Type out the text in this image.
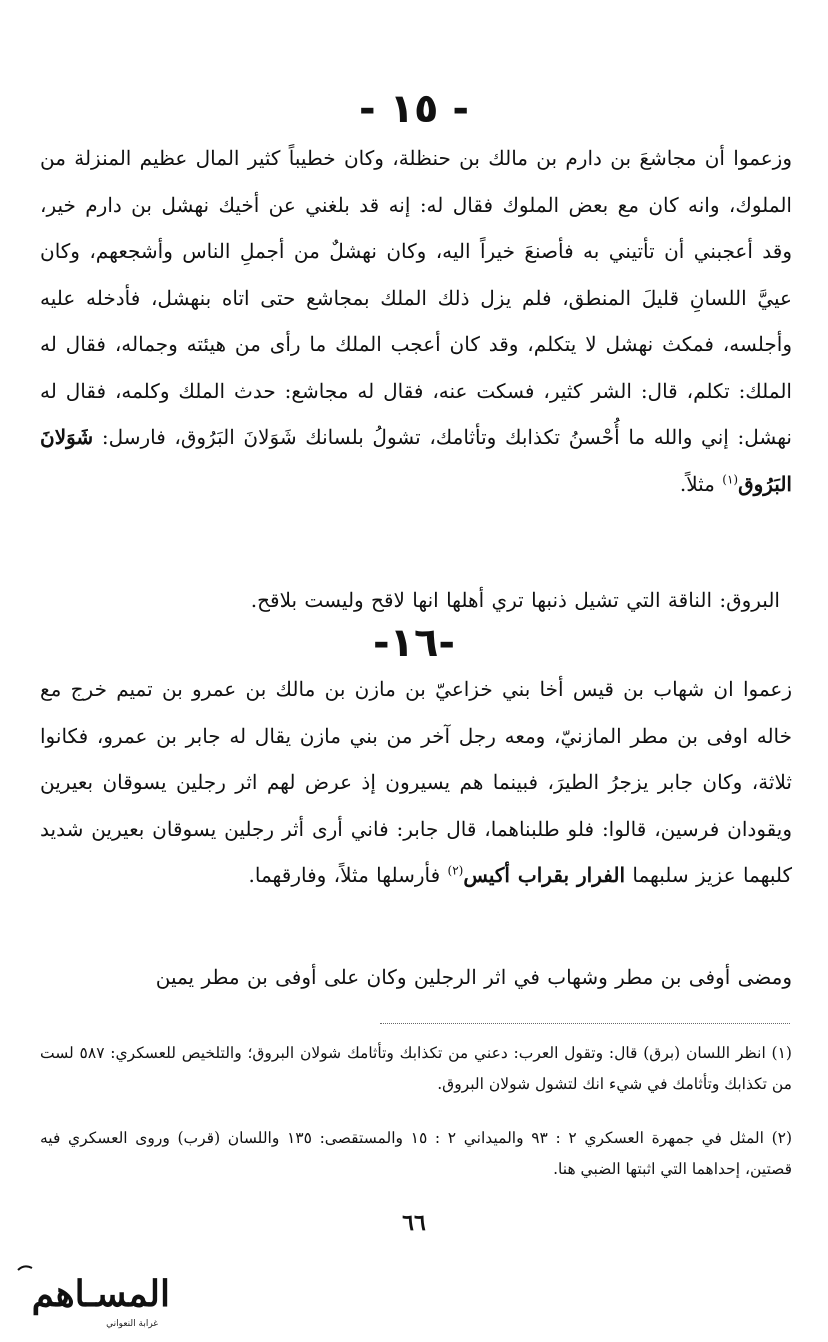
- ١٥ -

وزعموا أن مجاشعَ بن دارم بن مالك بن حنظلة، وكان خطيباً كثير المال عظيم المنزلة من الملوك، وانه كان مع بعض الملوك فقال له: إنه قد بلغني عن أخيك نهشل بن دارم خير، وقد أعجبني أن تأتيني به فأصنعَ خيراً اليه، وكان نهشلٌ من أجملِ الناس وأشجعهم، وكان عييَّ اللسانِ قليلَ المنطق، فلم يزل ذلك الملك بمجاشع حتى اتاه بنهشل، فأدخله عليه وأجلسه، فمكث نهشل لا يتكلم، وقد كان أعجب الملك ما رأى من هيئته وجماله، فقال له الملك: تكلم، قال: الشر كثير، فسكت عنه، فقال له مجاشع: حدث الملك وكلمه، فقال له نهشل: إني والله ما أُحْسنُ تكذابك وتأثامك، تشولُ بلسانك شَوَلانَ البَرُوق، فارسل: شَوَلانَ البَرُوق$^{(١)}$ مثلاً.

البروق: الناقة التي تشيل ذنبها تري أهلها انها لاقح وليست بلاقح.

-١٦-

زعموا ان شهاب بن قيس أخا بني خزاعيّ بن مازن بن مالك بن عمرو بن تميم خرج مع خاله اوفى بن مطر المازنيّ، ومعه رجل آخر من بني مازن يقال له جابر بن عمرو، فكانوا ثلاثة، وكان جابر يزجرُ الطيرَ، فبينما هم يسيرون إذ عرض لهم اثر رجلين يسوقان بعيرين ويقودان فرسين، قالوا: فلو طلبناهما، قال جابر: فاني أرى أثر رجلين يسوقان بعيرين شديد كلبهما عزيز سلبهما الفرار بقراب أكيس$^{(٢)}$ فأرسلها مثلاً، وفارقهما.

ومضى أوفى بن مطر وشهاب في اثر الرجلين وكان على أوفى بن مطر يمين

(١) انظر اللسان (برق) قال: وتقول العرب: دعني من تكذابك وتأثامك شولان البروق؛ والتلخيص للعسكري: ٥٨٧ لست من تكذابك وتأثامك في شيء انك لتشول شولان البروق.

(٢) المثل في جمهرة العسكري ٢ : ٩٣ والميداني ٢ : ١٥ والمستقصى: ١٣٥ واللسان (قرب) وروى العسكري فيه قصتين، إحداهما التي اثبتها الضبي هنا.

٦٦
المسـاهم
غرابة النعواني
